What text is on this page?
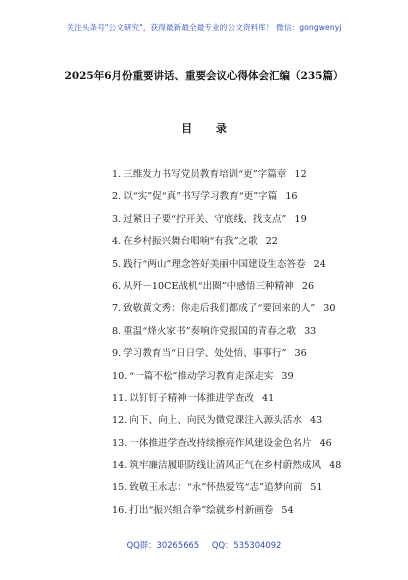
关注头条号"公文研究"，获得最新最全最专业的公文资料库！ 微信：gongwenyj
2025年6月份重要讲话、重要会议心得体会汇编（235篇）
目 录
1. 三维发力书写党员教育培训“更”字篇章 12
2. 以“实”促“真”书写学习教育“更”字篇 16
3. 过紧日子要“拧开关、守底线、找支点” 19
4. 在乡村振兴舞台唱响“有我”之歌 22
5. 践行“两山”理念答好美丽中国建设生态答卷 24
6. 从歼－10CE战机“出圈”中感悟三种精神 26
7. 致敬黄文秀：你走后我们都成了“要回来的人” 30
8. 重温“烽火家书”奏响许党报国的青春之歌 33
9. 学习教育当“日日学、处处悟、事事行” 36
10. “一篇不松”推动学习教育走深走实 39
11. 以钉钉子精神一体推进学查改 41
12. 向下、向上、向民为微党课注入源头活水 43
13. 一体推进学查改持续擦亮作风建设金色名片 46
14. 筑牢廉洁履职防线让清风正气在乡村蔚然成风 48
15. 致敬王永志：“永”怀热爱笃“志”追梦向前 51
16. 打出“振兴组合拳”绘就乡村新画卷 54
QQ群：30265665 QQ：535304092
